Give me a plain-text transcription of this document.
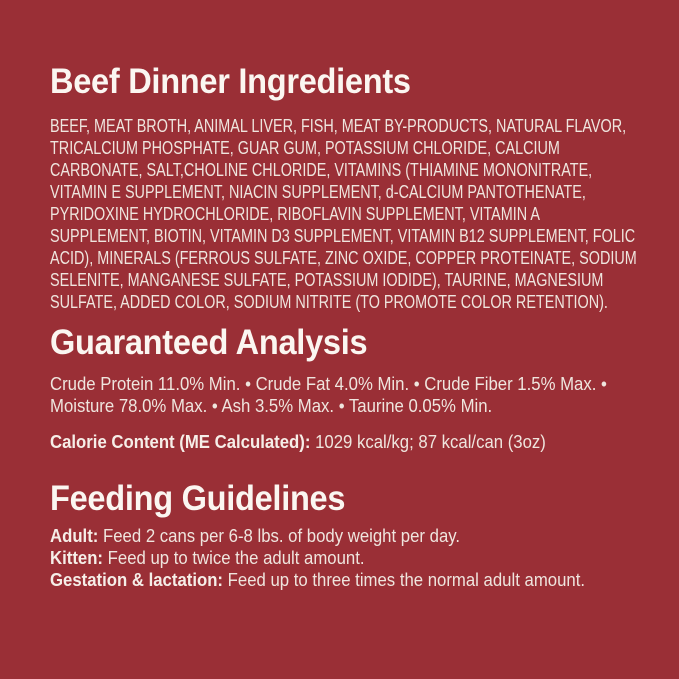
Beef Dinner Ingredients

BEEF, MEAT BROTH, ANIMAL LIVER, FISH, MEAT BY-PRODUCTS, NATURAL FLAVOR, TRICALCIUM PHOSPHATE, GUAR GUM, POTASSIUM CHLORIDE, CALCIUM CARBONATE, SALT,CHOLINE CHLORIDE, VITAMINS (THIAMINE MONONITRATE, VITAMIN E SUPPLEMENT, NIACIN SUPPLEMENT, d-CALCIUM PANTOTHENATE, PYRIDOXINE HYDROCHLORIDE, RIBOFLAVIN SUPPLEMENT, VITAMIN A SUPPLEMENT, BIOTIN, VITAMIN D3 SUPPLEMENT, VITAMIN B12 SUPPLEMENT, FOLIC ACID), MINERALS (FERROUS SULFATE, ZINC OXIDE, COPPER PROTEINATE, SODIUM SELENITE, MANGANESE SULFATE, POTASSIUM IODIDE), TAURINE, MAGNESIUM SULFATE, ADDED COLOR, SODIUM NITRITE (TO PROMOTE COLOR RETENTION).

Guaranteed Analysis

Crude Protein 11.0% Min. • Crude Fat 4.0% Min. • Crude Fiber 1.5% Max. • Moisture 78.0% Max. • Ash 3.5% Max. • Taurine 0.05% Min.

Calorie Content (ME Calculated): 1029 kcal/kg; 87 kcal/can (3oz)

Feeding Guidelines
Adult: Feed 2 cans per 6-8 lbs. of body weight per day.
Kitten: Feed up to twice the adult amount.
Gestation & lactation: Feed up to three times the normal adult amount.
